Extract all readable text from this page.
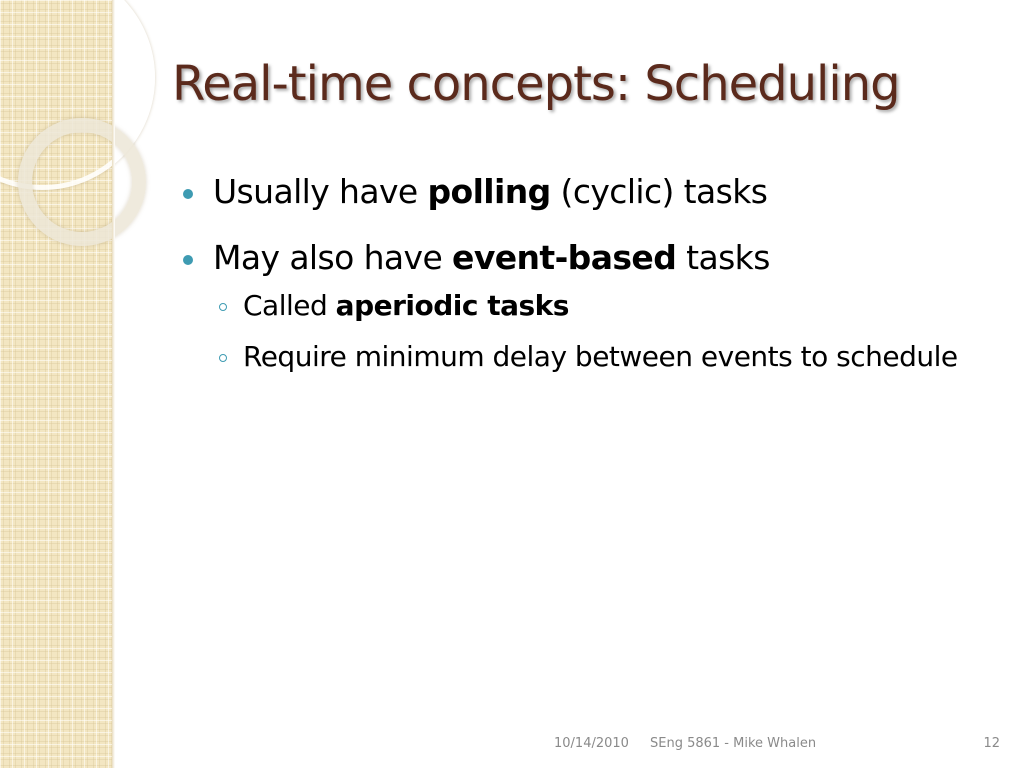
Real-time concepts: Scheduling
Usually have polling (cyclic) tasks
May also have event-based tasks
Called aperiodic tasks
Require minimum delay between events to schedule
10/14/2010 SEng 5861 - Mike Whalen	12
